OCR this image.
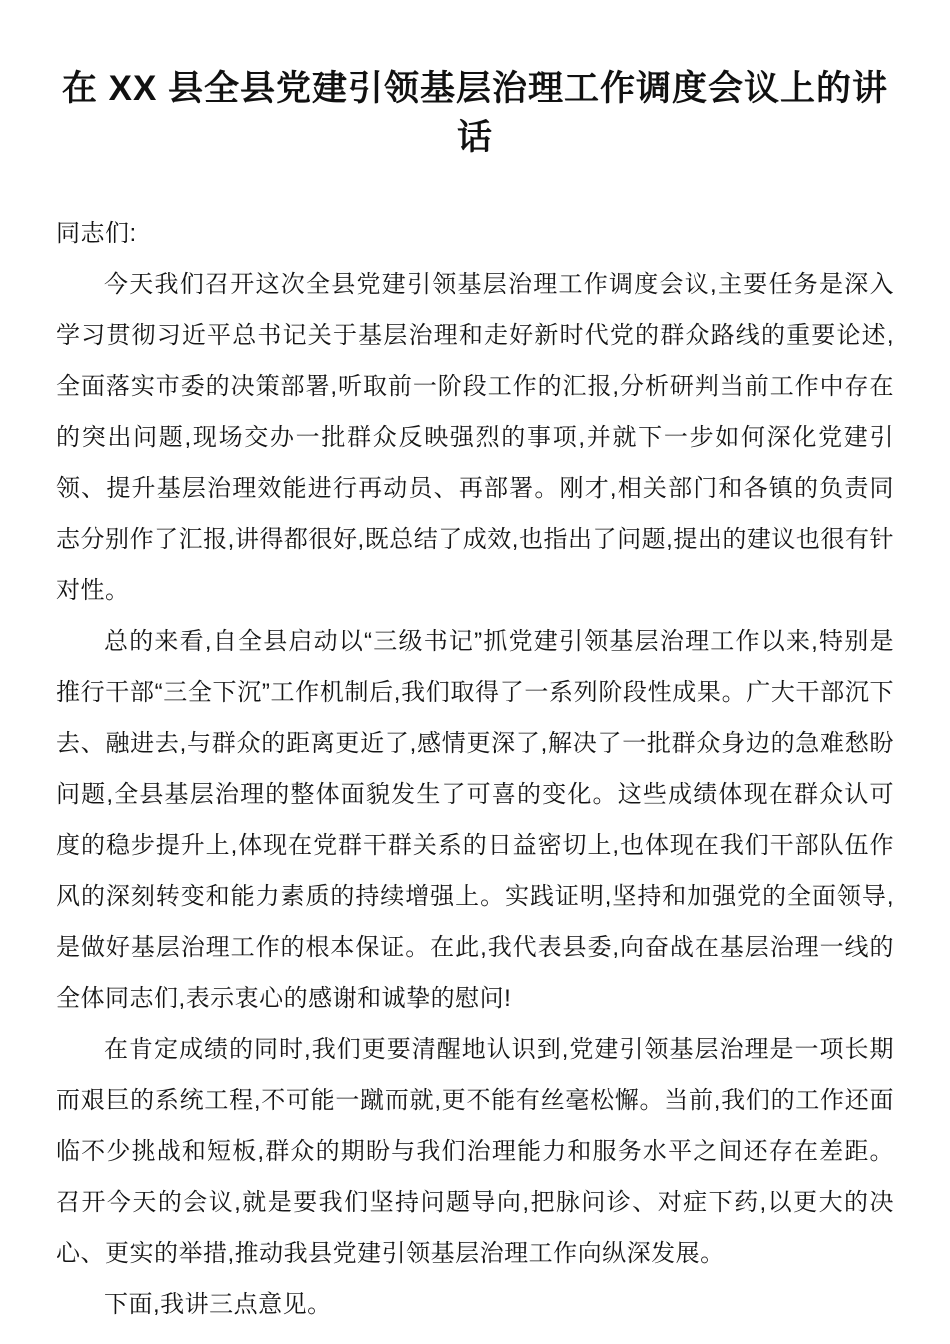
在 XX 县全县党建引领基层治理工作调度会议上的讲话

同志们:

今天我们召开这次全县党建引领基层治理工作调度会议,主要任务是深入学习贯彻习近平总书记关于基层治理和走好新时代党的群众路线的重要论述,全面落实市委的决策部署,听取前一阶段工作的汇报,分析研判当前工作中存在的突出问题,现场交办一批群众反映强烈的事项,并就下一步如何深化党建引领、提升基层治理效能进行再动员、再部署。刚才,相关部门和各镇的负责同志分别作了汇报,讲得都很好,既总结了成效,也指出了问题,提出的建议也很有针对性。

总的来看,自全县启动以“三级书记”抓党建引领基层治理工作以来,特别是推行干部“三全下沉”工作机制后,我们取得了一系列阶段性成果。广大干部沉下去、融进去,与群众的距离更近了,感情更深了,解决了一批群众身边的急难愁盼问题,全县基层治理的整体面貌发生了可喜的变化。这些成绩体现在群众认可度的稳步提升上,体现在党群干群关系的日益密切上,也体现在我们干部队伍作风的深刻转变和能力素质的持续增强上。实践证明,坚持和加强党的全面领导,是做好基层治理工作的根本保证。在此,我代表县委,向奋战在基层治理一线的全体同志们,表示衷心的感谢和诚挚的慰问!

在肯定成绩的同时,我们更要清醒地认识到,党建引领基层治理是一项长期而艰巨的系统工程,不可能一蹴而就,更不能有丝毫松懈。当前,我们的工作还面临不少挑战和短板,群众的期盼与我们治理能力和服务水平之间还存在差距。召开今天的会议,就是要我们坚持问题导向,把脉问诊、对症下药,以更大的决心、更实的举措,推动我县党建引领基层治理工作向纵深发展。

下面,我讲三点意见。
